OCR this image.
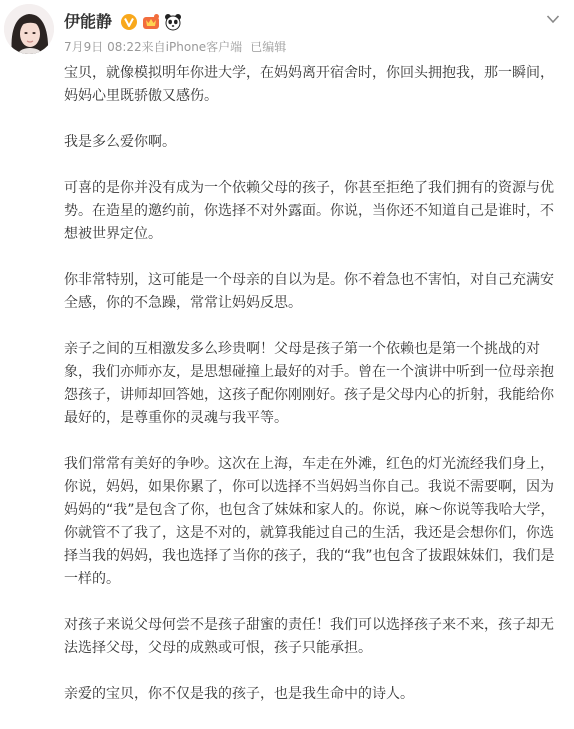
伊能静
7月9日 08:22来自iPhone客户端 已编辑

宝贝，就像模拟明年你进大学，在妈妈离开宿舍时，你回头拥抱我，那一瞬间，妈妈心里既骄傲又感伤。

我是多么爱你啊。

可喜的是你并没有成为一个依赖父母的孩子，你甚至拒绝了我们拥有的资源与优势。在造星的邀约前，你选择不对外露面。你说，当你还不知道自己是谁时，不想被世界定位。

你非常特别，这可能是一个母亲的自以为是。你不着急也不害怕，对自己充满安全感，你的不急躁，常常让妈妈反思。

亲子之间的互相激发多么珍贵啊！父母是孩子第一个依赖也是第一个挑战的对象，我们亦师亦友，是思想碰撞上最好的对手。曾在一个演讲中听到一位母亲抱怨孩子，讲师却回答她，这孩子配你刚刚好。孩子是父母内心的折射，我能给你最好的，是尊重你的灵魂与我平等。

我们常常有美好的争吵。这次在上海，车走在外滩，红色的灯光流经我们身上，你说，妈妈，如果你累了，你可以选择不当妈妈当你自己。我说不需要啊，因为妈妈的“我”是包含了你，也包含了妹妹和家人的。你说，麻～你说等我哈大学，你就管不了我了，这是不对的，就算我能过自己的生活，我还是会想你们，你选择当我的妈妈，我也选择了当你的孩子，我的“我”也包含了拔跟妹妹们，我们是一样的。

对孩子来说父母何尝不是孩子甜蜜的责任！我们可以选择孩子来不来，孩子却无法选择父母，父母的成熟或可恨，孩子只能承担。

亲爱的宝贝，你不仅是我的孩子，也是我生命中的诗人。
